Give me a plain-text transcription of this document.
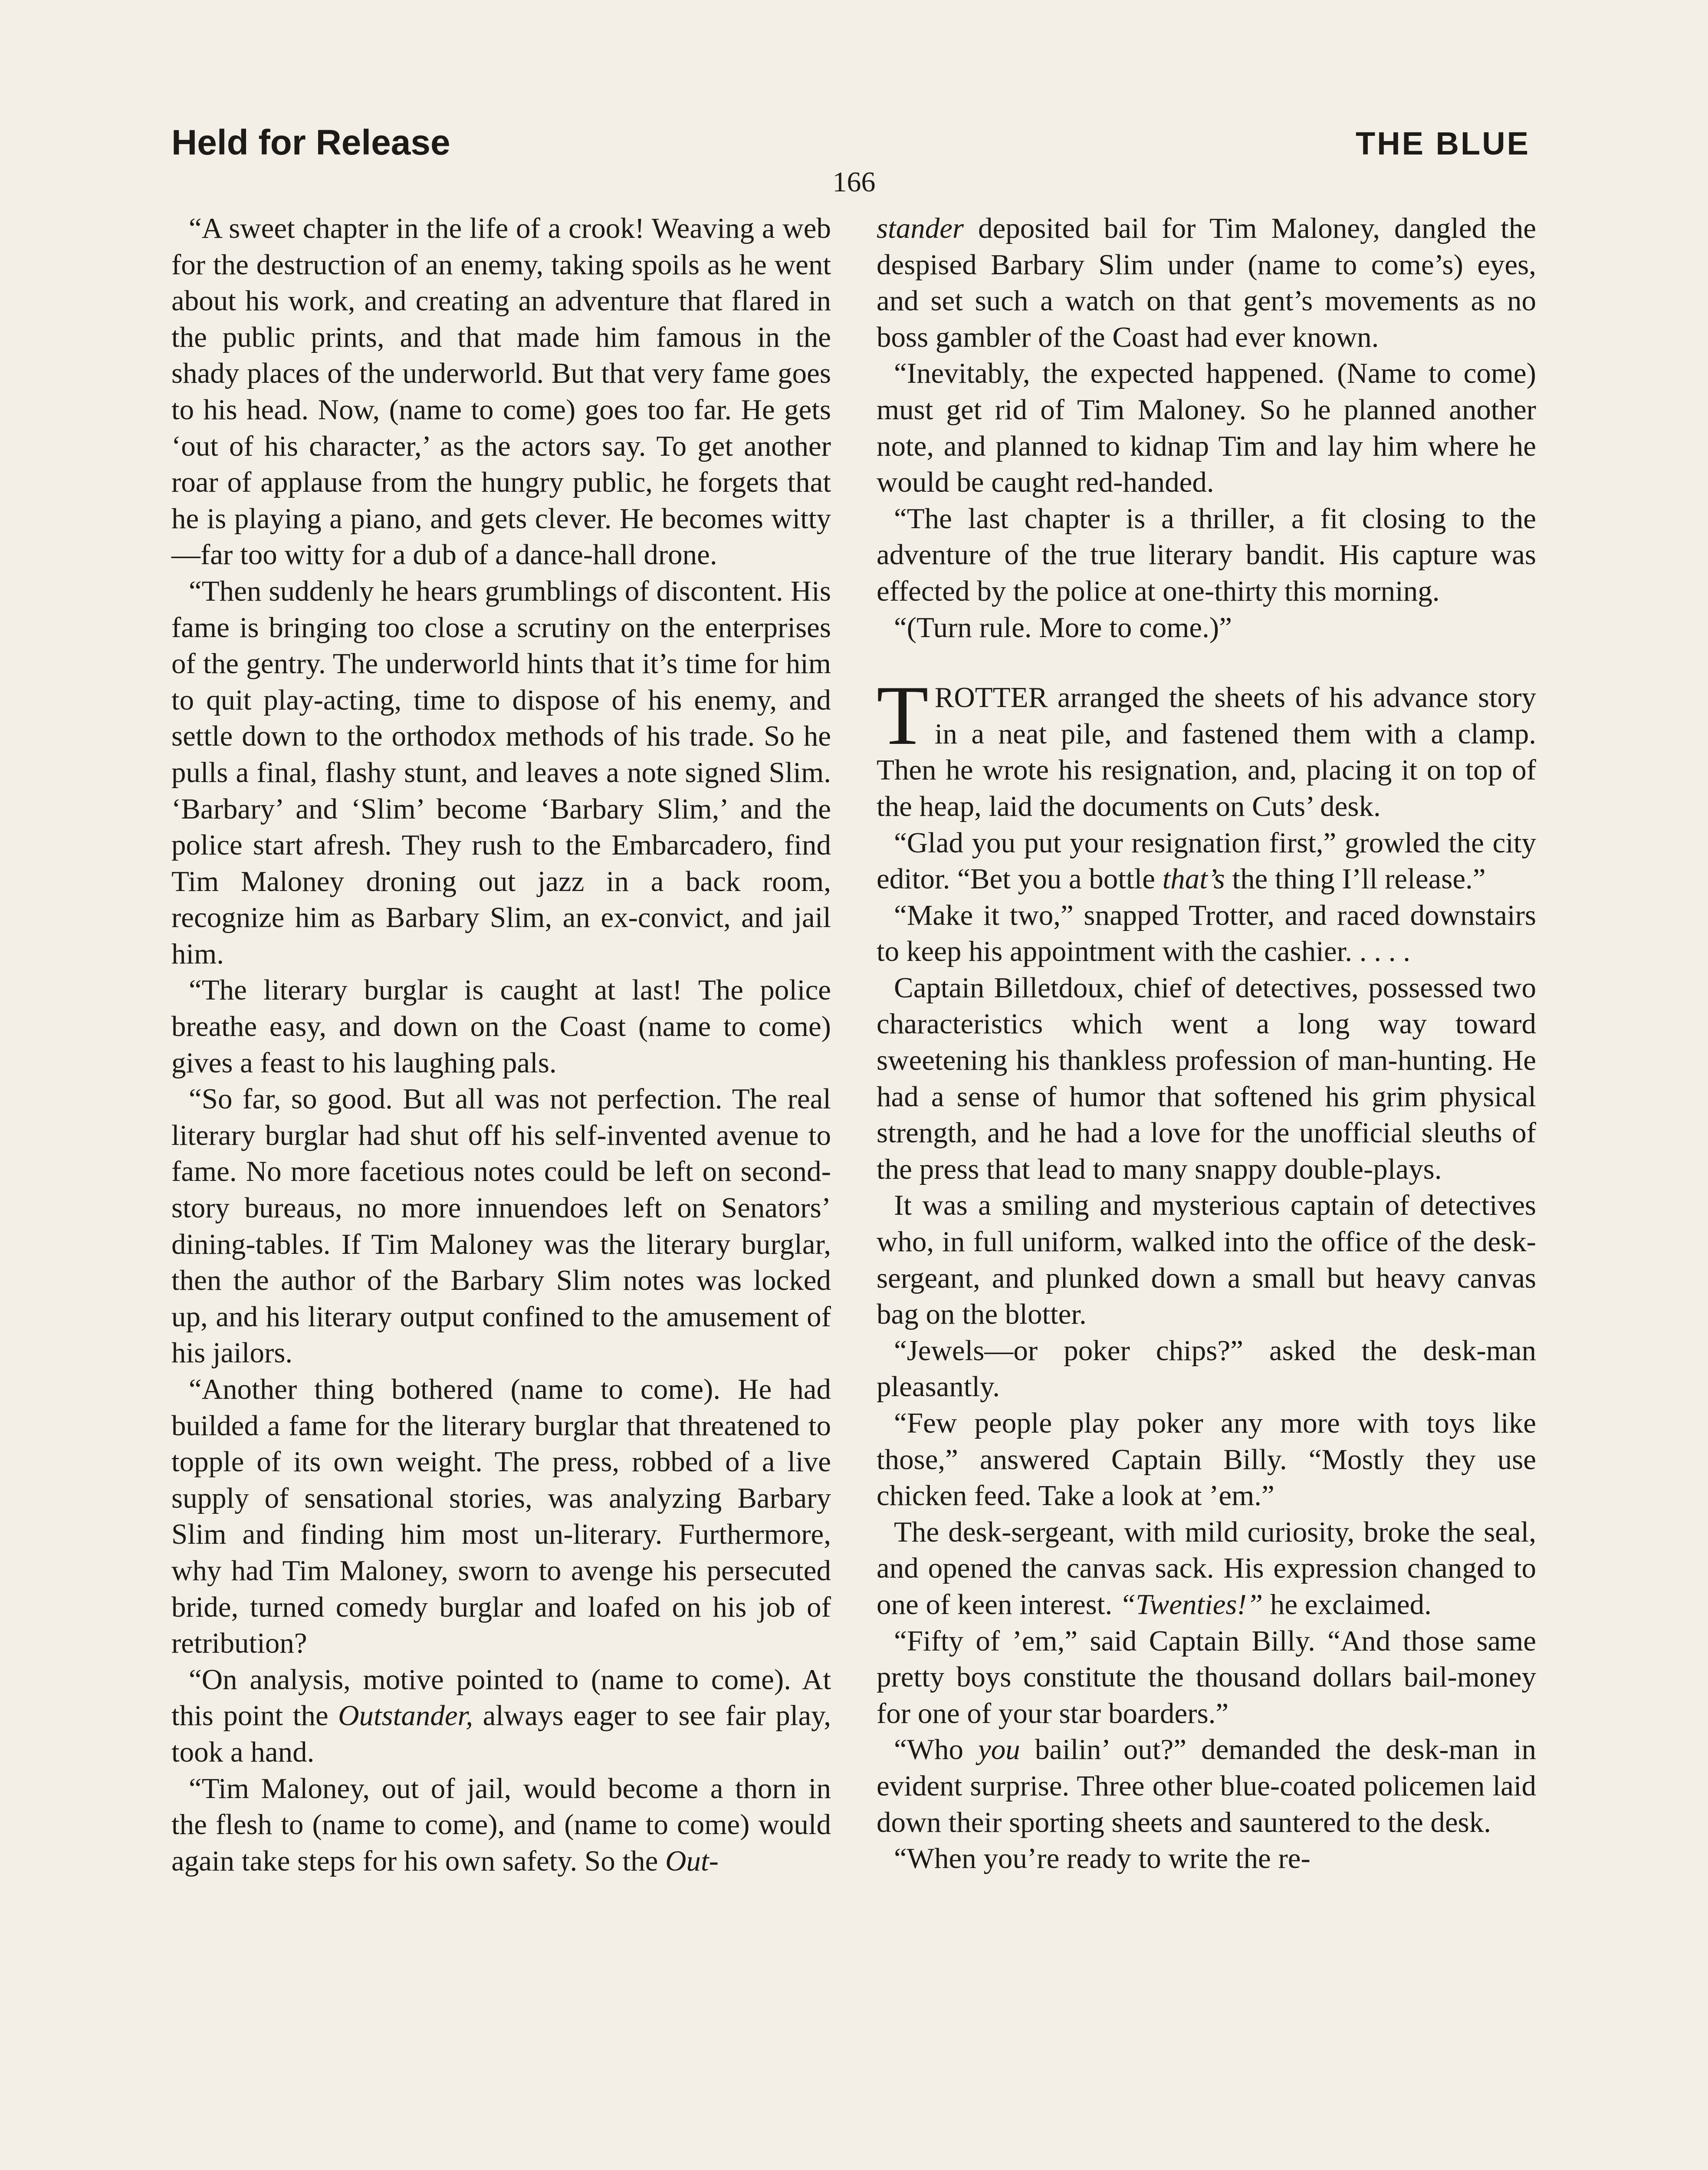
Held for Release	THE BLUE
166

“A sweet chapter in the life of a crook! Weaving a web for the destruction of an enemy, taking spoils as he went about his work, and creating an adventure that flared in the public prints, and that made him famous in the shady places of the underworld. But that very fame goes to his head. Now, (name to come) goes too far. He gets ‘out of his character,’ as the actors say. To get another roar of applause from the hungry public, he forgets that he is playing a piano, and gets clever. He becomes witty—far too witty for a dub of a dance-hall drone.

“Then suddenly he hears grumblings of discontent. His fame is bringing too close a scrutiny on the enterprises of the gentry. The underworld hints that it’s time for him to quit play-acting, time to dispose of his enemy, and settle down to the orthodox methods of his trade. So he pulls a final, flashy stunt, and leaves a note signed Slim. ‘Barbary’ and ‘Slim’ become ‘Barbary Slim,’ and the police start afresh. They rush to the Embarcadero, find Tim Maloney droning out jazz in a back room, recognize him as Barbary Slim, an ex-convict, and jail him.

“The literary burglar is caught at last! The police breathe easy, and down on the Coast (name to come) gives a feast to his laughing pals.

“So far, so good. But all was not perfection. The real literary burglar had shut off his self-invented avenue to fame. No more facetious notes could be left on second-story bureaus, no more innuendoes left on Senators’ dining-tables. If Tim Maloney was the literary burglar, then the author of the Barbary Slim notes was locked up, and his literary output confined to the amusement of his jailors.

“Another thing bothered (name to come). He had builded a fame for the literary burglar that threatened to topple of its own weight. The press, robbed of a live supply of sensational stories, was analyzing Barbary Slim and finding him most un-literary. Furthermore, why had Tim Maloney, sworn to avenge his persecuted bride, turned comedy burglar and loafed on his job of retribution?

“On analysis, motive pointed to (name to come). At this point the Outstander, always eager to see fair play, took a hand.

“Tim Maloney, out of jail, would become a thorn in the flesh to (name to come), and (name to come) would again take steps for his own safety. So the Out-

stander deposited bail for Tim Maloney, dangled the despised Barbary Slim under (name to come’s) eyes, and set such a watch on that gent’s movements as no boss gambler of the Coast had ever known.

“Inevitably, the expected happened. (Name to come) must get rid of Tim Maloney. So he planned another note, and planned to kidnap Tim and lay him where he would be caught red-handed.

“The last chapter is a thriller, a fit closing to the adventure of the true literary bandit. His capture was effected by the police at one-thirty this morning.

“(Turn rule. More to come.)”

TROTTER arranged the sheets of his advance story in a neat pile, and fastened them with a clamp. Then he wrote his resignation, and, placing it on top of the heap, laid the documents on Cuts’ desk.

“Glad you put your resignation first,” growled the city editor. “Bet you a bottle that’s the thing I’ll release.”

“Make it two,” snapped Trotter, and raced downstairs to keep his appointment with the cashier. . . . .

Captain Billetdoux, chief of detectives, possessed two characteristics which went a long way toward sweetening his thankless profession of man-hunting. He had a sense of humor that softened his grim physical strength, and he had a love for the unofficial sleuths of the press that lead to many snappy double-plays.

It was a smiling and mysterious captain of detectives who, in full uniform, walked into the office of the desk-sergeant, and plunked down a small but heavy canvas bag on the blotter.

“Jewels—or poker chips?” asked the desk-man pleasantly.

“Few people play poker any more with toys like those,” answered Captain Billy. “Mostly they use chicken feed. Take a look at ’em.”

The desk-sergeant, with mild curiosity, broke the seal, and opened the canvas sack. His expression changed to one of keen interest. “Twenties!” he exclaimed.

“Fifty of ’em,” said Captain Billy. “And those same pretty boys constitute the thousand dollars bail-money for one of your star boarders.”

“Who you bailin’ out?” demanded the desk-man in evident surprise. Three other blue-coated policemen laid down their sporting sheets and sauntered to the desk.

“When you’re ready to write the re-
